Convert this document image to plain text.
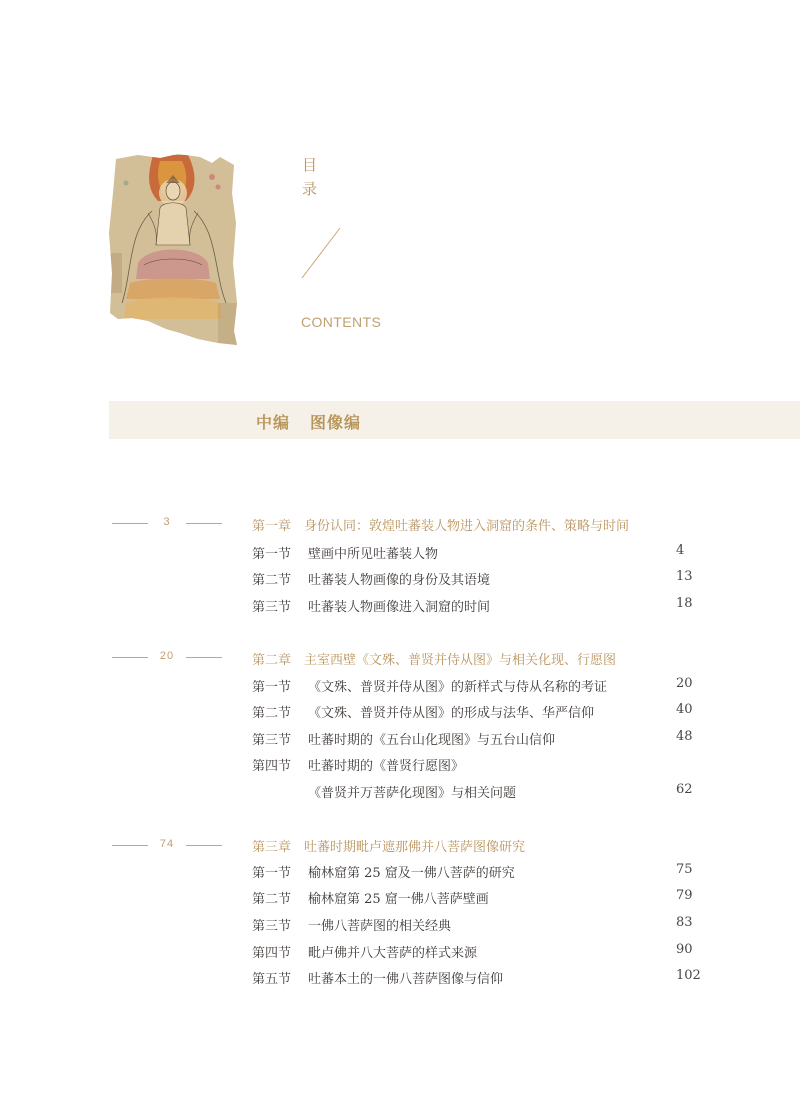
目
录
CONTENTS
中编 图像编
3	第一章　身份认同：敦煌吐蕃装人物进入洞窟的条件、策略与时间
第一节 壁画中所见吐蕃装人物	4
第二节 吐蕃装人物画像的身份及其语境	13
第三节 吐蕃装人物画像进入洞窟的时间	18
20	第二章　主室西壁《文殊、普贤并侍从图》与相关化现、行愿图
第一节 《文殊、普贤并侍从图》的新样式与侍从名称的考证	20
第二节 《文殊、普贤并侍从图》的形成与法华、华严信仰	40
第三节 吐蕃时期的《五台山化现图》与五台山信仰	48
第四节 吐蕃时期的《普贤行愿图》
《普贤并万菩萨化现图》与相关问题	62
74	第三章　吐蕃时期毗卢遮那佛并八菩萨图像研究
第一节 榆林窟第 25 窟及一佛八菩萨的研究	75
第二节 榆林窟第 25 窟一佛八菩萨壁画	79
第三节 一佛八菩萨图的相关经典	83
第四节 毗卢佛并八大菩萨的样式来源	90
第五节 吐蕃本土的一佛八菩萨图像与信仰	102
